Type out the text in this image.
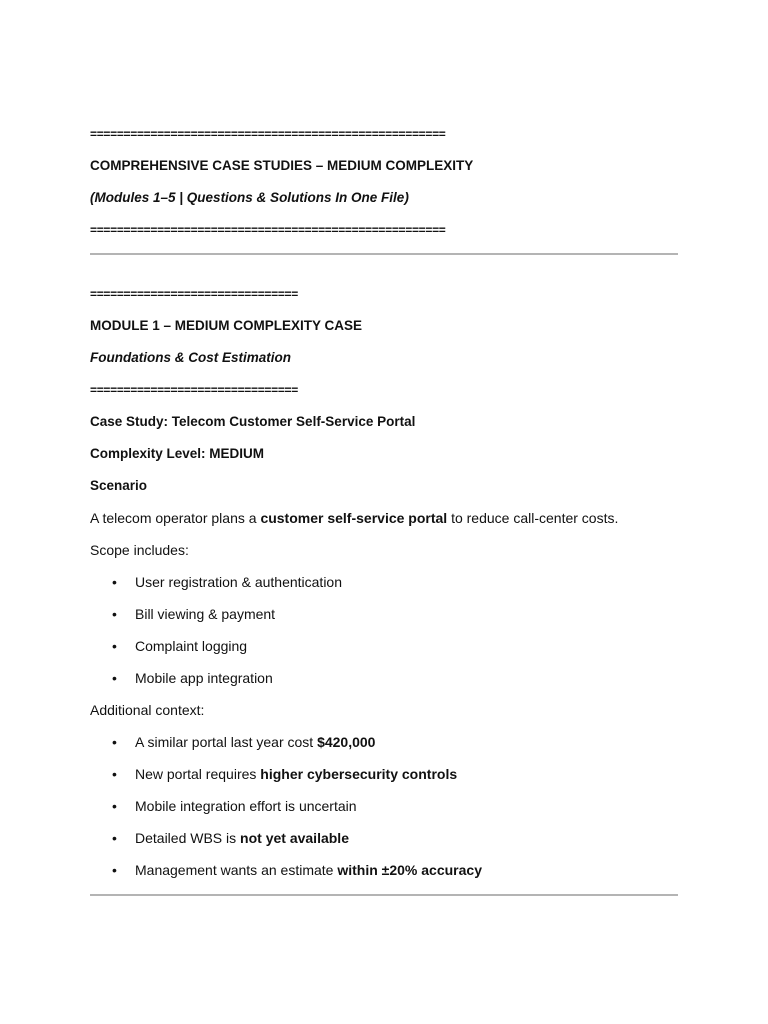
=====================================================
COMPREHENSIVE CASE STUDIES – MEDIUM COMPLEXITY
(Modules 1–5 | Questions & Solutions In One File)
=====================================================
===============================
MODULE 1 – MEDIUM COMPLEXITY CASE
Foundations & Cost Estimation
===============================
Case Study: Telecom Customer Self-Service Portal
Complexity Level: MEDIUM
Scenario
A telecom operator plans a customer self-service portal to reduce call-center costs.
Scope includes:
• User registration & authentication
• Bill viewing & payment
• Complaint logging
• Mobile app integration
Additional context:
• A similar portal last year cost $420,000
• New portal requires higher cybersecurity controls
• Mobile integration effort is uncertain
• Detailed WBS is not yet available
• Management wants an estimate within ±20% accuracy
